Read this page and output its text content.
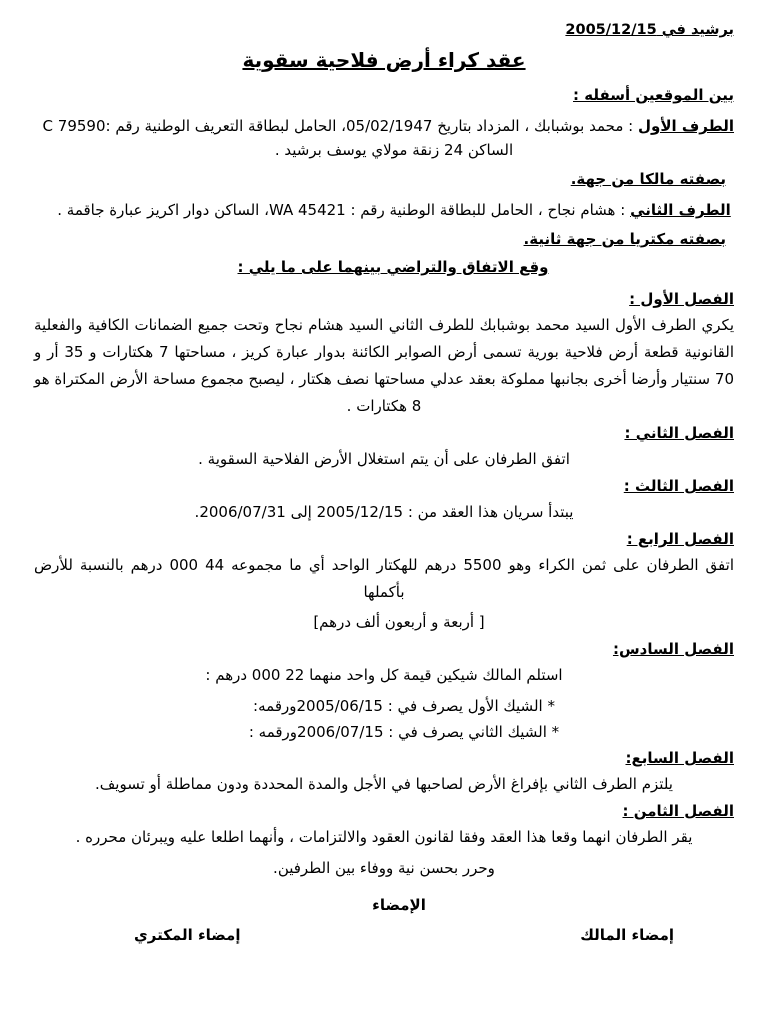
برشيد في 2005/12/15
عقد كراء أرض فلاحية سقوية
بين الموقعين أسفله :
الطرف الأول : محمد بوشبابك ، المزداد بتاريخ 05/02/1947، الحامل لبطاقة التعريف الوطنية رقم :C 79590
الساكن 24 زنقة مولاي يوسف برشيد .
بصفته مالكا من جهة.
الطرف الثاني : هشام نجاح ، الحامل للبطاقة الوطنية رقم : WA 45421، الساكن دوار اكريز عبارة جاقمة .
بصفته مكتريا من جهة ثانية.
وقع الاتفاق والتراضي بينهما على ما يلي :
الفصل الأول :
يكري الطرف الأول السيد محمد بوشبابك للطرف الثاني السيد هشام نجاح وتحت جميع الضمانات الكافية والفعلية القانونية قطعة أرض فلاحية بورية تسمى أرض الصوابر الكائنة بدوار عبارة كريز ، مساحتها 7 هكتارات و 35 أر و 70 سنتيار وأرضا أخرى بجانبها مملوكة بعقد عدلي مساحتها نصف هكتار ، ليصبح مجموع مساحة الأرض المكتراة هو 8 هكتارات .
الفصل الثاني :
اتفق الطرفان على أن يتم استغلال الأرض الفلاحية السقوية .
الفصل الثالث :
يبتدأ سريان هذا العقد من : 2005/12/15 إلى 2006/07/31.
الفصل الرابع :
اتفق الطرفان على ثمن الكراء وهو 5500 درهم للهكتار الواحد أي ما مجموعه 44 000 درهم بالنسبة للأرض بأكملها
[ أربعة و أربعون ألف درهم]
الفصل السادس:
استلم المالك شيكين قيمة كل واحد منهما 22 000 درهم :
* الشيك الأول يصرف في : 2005/06/15ورقمه:
* الشيك الثاني يصرف في : 2006/07/15ورقمه :
الفصل السابع:
يلتزم الطرف الثاني بإفراغ الأرض لصاحبها في الأجل والمدة المحددة ودون مماطلة أو تسويف.
الفصل الثامن :
يقر الطرفان انهما وقعا هذا العقد وفقا لقانون العقود والالتزامات ، وأنهما اطلعا عليه ويبرئان محرره .
وحرر بحسن نية ووفاء بين الطرفين.
الإمضاء
إمضاء المالك
إمضاء المكتري
